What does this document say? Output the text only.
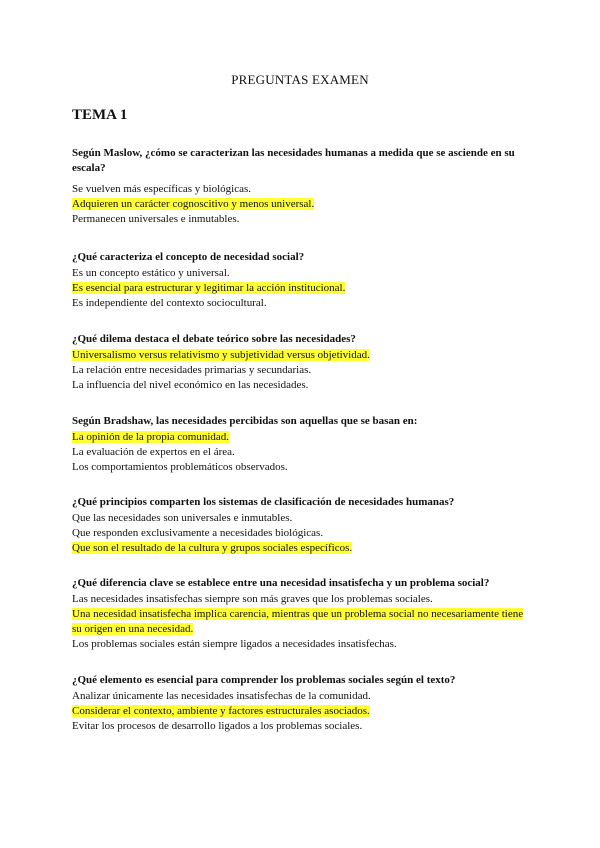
PREGUNTAS EXAMEN
TEMA 1

Según Maslow, ¿cómo se caracterizan las necesidades humanas a medida que se asciende en su escala?

Se vuelven más específicas y biológicas.

Adquieren un carácter cognoscitivo y menos universal.

Permanecen universales e inmutables.

¿Qué caracteriza el concepto de necesidad social?

Es un concepto estático y universal.

Es esencial para estructurar y legitimar la acción institucional.

Es independiente del contexto sociocultural.

¿Qué dilema destaca el debate teórico sobre las necesidades?

Universalismo versus relativismo y subjetividad versus objetividad.

La relación entre necesidades primarias y secundarias.

La influencia del nivel económico en las necesidades.

Según Bradshaw, las necesidades percibidas son aquellas que se basan en:

La opinión de la propia comunidad.

La evaluación de expertos en el área.

Los comportamientos problemáticos observados.

¿Qué principios comparten los sistemas de clasificación de necesidades humanas?

Que las necesidades son universales e inmutables.

Que responden exclusivamente a necesidades biológicas.

Que son el resultado de la cultura y grupos sociales específicos.

¿Qué diferencia clave se establece entre una necesidad insatisfecha y un problema social?

Las necesidades insatisfechas siempre son más graves que los problemas sociales.

Una necesidad insatisfecha implica carencia, mientras que un problema social no necesariamente tiene su origen en una necesidad.

Los problemas sociales están siempre ligados a necesidades insatisfechas.

¿Qué elemento es esencial para comprender los problemas sociales según el texto?

Analizar únicamente las necesidades insatisfechas de la comunidad.

Considerar el contexto, ambiente y factores estructurales asociados.

Evitar los procesos de desarrollo ligados a los problemas sociales.
